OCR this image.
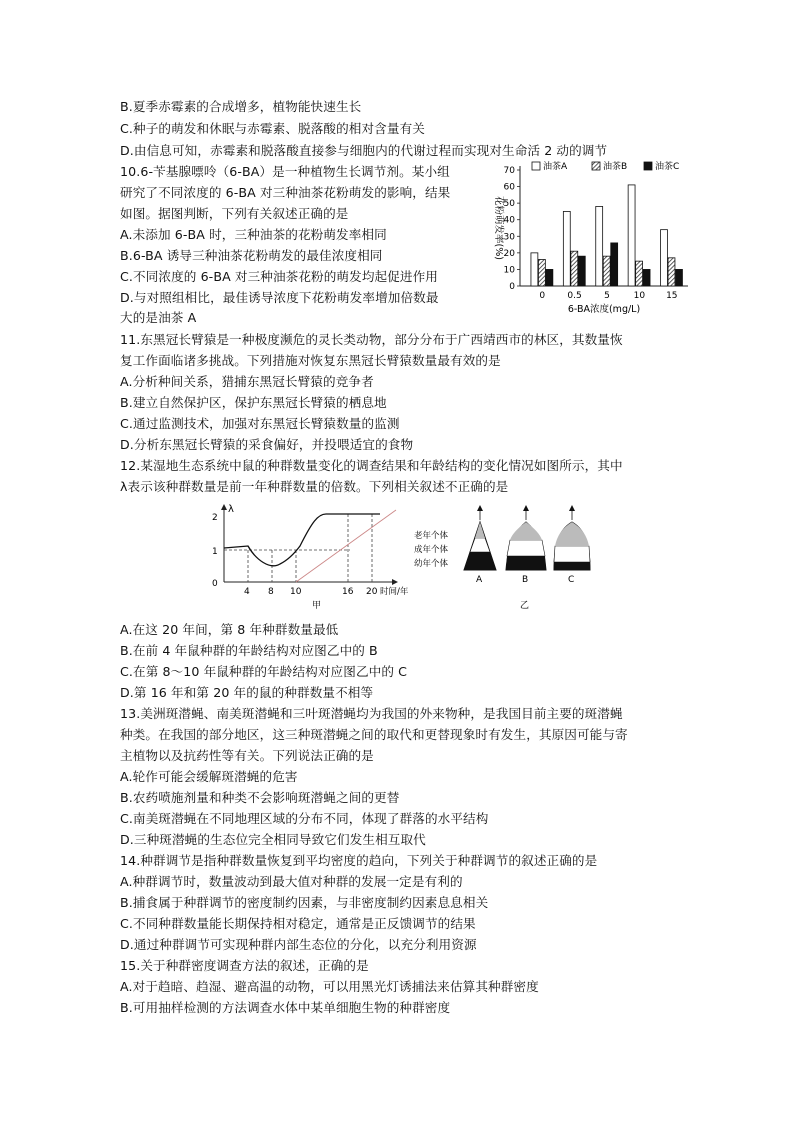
B.夏季赤霉素的合成增多，植物能快速生长
C.种子的萌发和休眠与赤霉素、脱落酸的相对含量有关
D.由信息可知，赤霉素和脱落酸直接参与细胞内的代谢过程而实现对生命活 2 动的调节
10.6-苄基腺嘌呤（6-BA）是一种植物生长调节剂。某小组
研究了不同浓度的 6-BA 对三种油茶花粉萌发的影响，结果
如图。据图判断，下列有关叙述正确的是
A.未添加 6-BA 时，三种油茶的花粉萌发率相同
B.6-BA 诱导三种油茶花粉萌发的最佳浓度相同
C.不同浓度的 6-BA 对三种油茶花粉的萌发均起促进作用
D.与对照组相比，最佳诱导浓度下花粉萌发率增加倍数最
大的是油茶 A
0
10
20
30
40
50
60
70
花粉萌发率(%)
0 0.5 5	10 15
6-BA浓度(mg/L)
油茶A	油茶B	油茶C
11.东黑冠长臂猿是一种极度濒危的灵长类动物，部分分布于广西靖西市的林区，其数量恢
复工作面临诸多挑战。下列措施对恢复东黑冠长臂猿数量最有效的是
A.分析种间关系，猎捕东黑冠长臂猿的竞争者
B.建立自然保护区，保护东黑冠长臂猿的栖息地
C.通过监测技术，加强对东黑冠长臂猿数量的监测
D.分析东黑冠长臂猿的采食偏好，并投喂适宜的食物
12.某湿地生态系统中鼠的种群数量变化的调查结果和年龄结构的变化情况如图所示，其中
λ表示该种群数量是前一年种群数量的倍数。下列相关叙述不正确的是
λ
2
1
0
4 8 10	16 20 时间/年
甲
老年个体
成年个体
幼年个体
A	B	C
乙
A.在这 20 年间，第 8 年种群数量最低
B.在前 4 年鼠种群的年龄结构对应图乙中的 B
C.在第 8～10 年鼠种群的年龄结构对应图乙中的 C
D.第 16 年和第 20 年的鼠的种群数量不相等
13.美洲斑潜蝇、南美斑潜蝇和三叶斑潜蝇均为我国的外来物种，是我国目前主要的斑潜蝇
种类。在我国的部分地区，这三种斑潜蝇之间的取代和更替现象时有发生，其原因可能与寄
主植物以及抗药性等有关。下列说法正确的是
A.轮作可能会缓解斑潜蝇的危害
B.农药喷施剂量和种类不会影响斑潜蝇之间的更替
C.南美斑潜蝇在不同地理区域的分布不同，体现了群落的水平结构
D.三种斑潜蝇的生态位完全相同导致它们发生相互取代
14.种群调节是指种群数量恢复到平均密度的趋向，下列关于种群调节的叙述正确的是
A.种群调节时，数量波动到最大值对种群的发展一定是有利的
B.捕食属于种群调节的密度制约因素，与非密度制约因素息息相关
C.不同种群数量能长期保持相对稳定，通常是正反馈调节的结果
D.通过种群调节可实现种群内部生态位的分化，以充分利用资源
15.关于种群密度调查方法的叙述，正确的是
A.对于趋暗、趋湿、避高温的动物，可以用黑光灯诱捕法来估算其种群密度
B.可用抽样检测的方法调查水体中某单细胞生物的种群密度
